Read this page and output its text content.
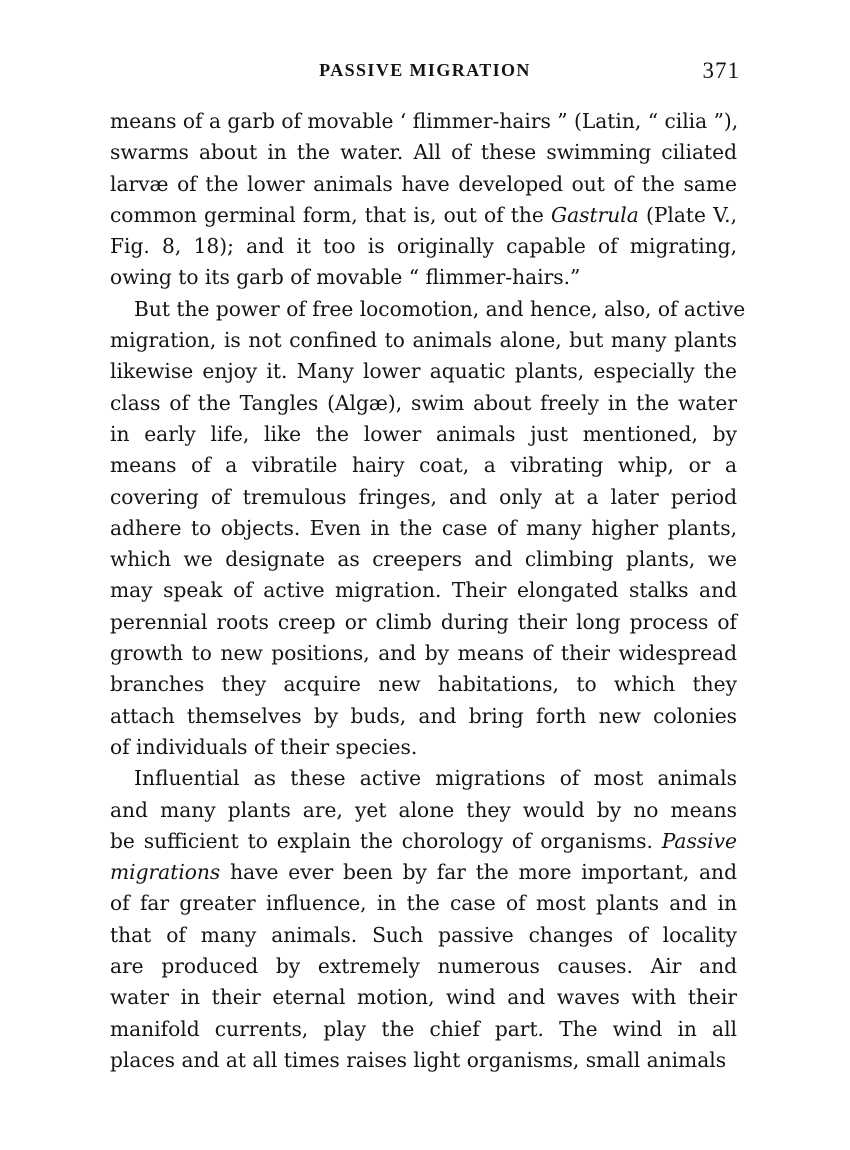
PASSIVE MIGRATION	371
means of a garb of movable ‘ flimmer-hairs ” (Latin, “ cilia ”),
swarms about in the water. All of these swimming ciliated
larvæ of the lower animals have developed out of the same
common germinal form, that is, out of the Gastrula (Plate V.,
Fig. 8, 18); and it too is originally capable of migrating,
owing to its garb of movable “ flimmer-hairs.”
But the power of free locomotion, and hence, also, of active
migration, is not confined to animals alone, but many plants
likewise enjoy it. Many lower aquatic plants, especially the
class of the Tangles (Algæ), swim about freely in the water
in early life, like the lower animals just mentioned, by
means of a vibratile hairy coat, a vibrating whip, or a
covering of tremulous fringes, and only at a later period
adhere to objects. Even in the case of many higher plants,
which we designate as creepers and climbing plants, we
may speak of active migration. Their elongated stalks and
perennial roots creep or climb during their long process of
growth to new positions, and by means of their widespread
branches they acquire new habitations, to which they
attach themselves by buds, and bring forth new colonies
of individuals of their species.
Influential as these active migrations of most animals
and many plants are, yet alone they would by no means
be sufficient to explain the chorology of organisms. Passive
migrations have ever been by far the more important, and
of far greater influence, in the case of most plants and in
that of many animals. Such passive changes of locality
are produced by extremely numerous causes. Air and
water in their eternal motion, wind and waves with their
manifold currents, play the chief part. The wind in all
places and at all times raises light organisms, small animals
